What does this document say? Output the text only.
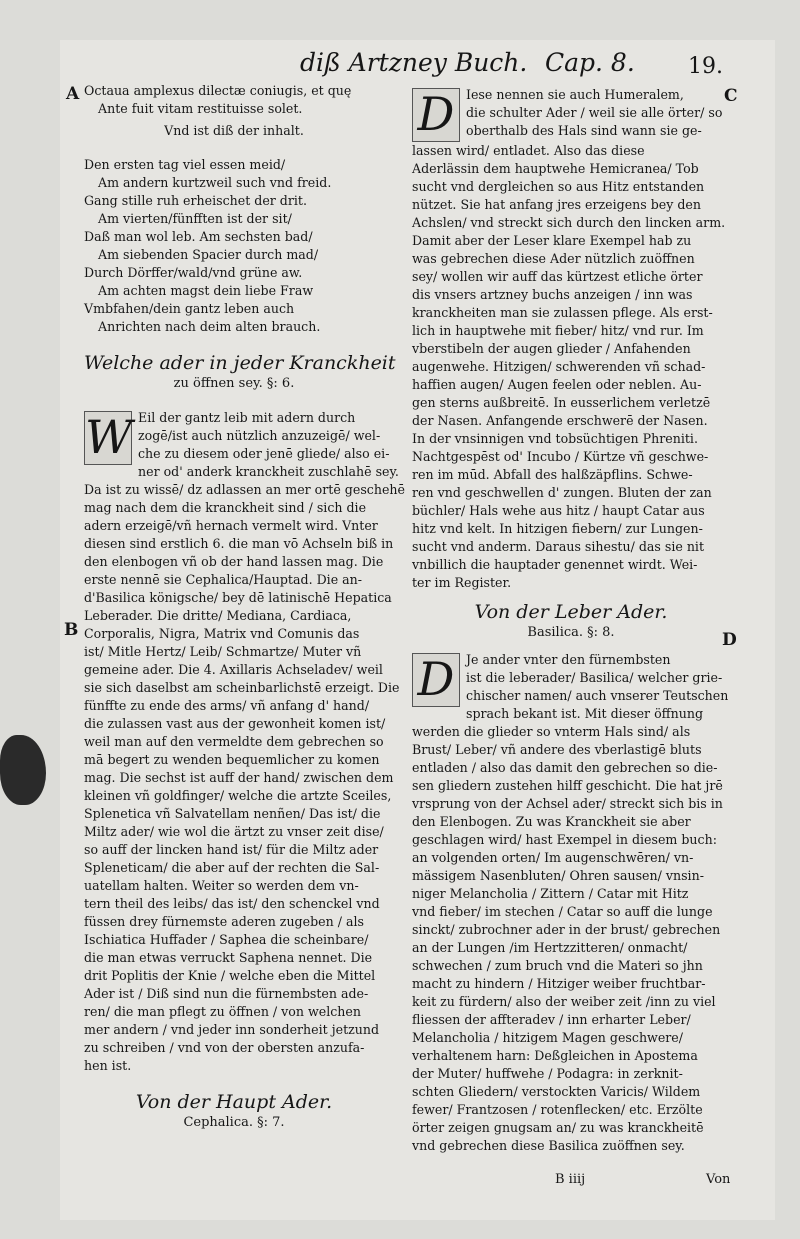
diß Artzney Buch. Cap. 8. 19.
A
B
C
D

Octaua amplexus dilectæ coniugis, et quę

Ante fuit vitam restituisse solet.

Vnd ist diß der inhalt.

Den ersten tag viel essen meid/

Am andern kurtzweil such vnd freid.

Gang stille ruh erheischet der drit.

Am vierten/fünfften ist der sit/

Daß man wol leb. Am sechsten bad/

Am siebenden Spacier durch mad/

Durch Dörffer/wald/vnd grüne aw.

Am achten magst dein liebe Fraw

Vmbfahen/dein gantz leben auch

Anrichten nach deim alten brauch.

Welche ader in jeder Kranckheit

zu öffnen sey. §: 6.

W Eil der gantz leib mit adern durch

zogē/ist auch nützlich anzuzeigē/ wel-

che zu diesem oder jenē gliede/ also ei-

ner od' anderk kranckheit zuschlahē sey.

Da ist zu wissē/ dz adlassen an mer ortē geschehē

mag nach dem die kranckheit sind / sich die

adern erzeigē/vñ hernach vermelt wird. Vnter

diesen sind erstlich 6. die man vō Achseln biß in

den elenbogen vñ ob der hand lassen mag. Die

erste nennē sie Cephalica/Hauptad. Die an-

d'Basilica königsche/ bey dē latinischē Hepatica

Leberader. Die dritte/ Mediana, Cardiaca,

Corporalis, Nigra, Matrix vnd Comunis das

ist/ Mitle Hertz/ Leib/ Schmartze/ Muter vñ

gemeine ader. Die 4. Axillaris Achseladev/ weil

sie sich daselbst am scheinbarlichstē erzeigt. Die

fünffte zu ende des arms/ vñ anfang d' hand/

die zulassen vast aus der gewonheit komen ist/

weil man auf den vermeldte dem gebrechen so

mā begert zu wenden bequemlicher zu komen

mag. Die sechst ist auff der hand/ zwischen dem

kleinen vñ goldfinger/ welche die artzte Sceiles,

Splenetica vñ Salvatellam nenñen/ Das ist/ die

Miltz ader/ wie wol die ärtzt zu vnser zeit dise/

so auff der lincken hand ist/ für die Miltz ader

Spleneticam/ die aber auf der rechten die Sal-

uatellam halten. Weiter so werden dem vn-

tern theil des leibs/ das ist/ den schenckel vnd

füssen drey fürnemste aderen zugeben / als

Ischiatica Huffader / Saphea die scheinbare/

die man etwas verruckt Saphena nennet. Die

drit Poplitis der Knie / welche eben die Mittel

Ader ist / Diß sind nun die fürnembsten ade-

ren/ die man pflegt zu öffnen / von welchen

mer andern / vnd jeder inn sonderheit jetzund

zu schreiben / vnd von der obersten anzufa-

hen ist.

Von der Haupt Ader.

Cephalica. §: 7.

D Iese nennen sie auch Humeralem,

die schulter Ader / weil sie alle örter/ so

oberthalb des Hals sind wann sie ge-

lassen wird/ entladet. Also das diese

Aderlässin dem hauptwehe Hemicranea/ Tob

sucht vnd dergleichen so aus Hitz entstanden

nützet. Sie hat anfang jres erzeigens bey den

Achslen/ vnd streckt sich durch den lincken arm.

Damit aber der Leser klare Exempel hab zu

was gebrechen diese Ader nützlich zuöffnen

sey/ wollen wir auff das kürtzest etliche örter

dis vnsers artzney buchs anzeigen / inn was

kranckheiten man sie zulassen pflege. Als erst-

lich in hauptwehe mit fieber/ hitz/ vnd rur. Im

vberstibeln der augen glieder / Anfahenden

augenwehe. Hitzigen/ schwerenden vñ schad-

haffien augen/ Augen feelen oder neblen. Au-

gen sterns außbreitē. In eusserlichem verletzē

der Nasen. Anfangende erschwerē der Nasen.

In der vnsinnigen vnd tobsüchtigen Phreniti.

Nachtgespēst od' Incubo / Kürtze vñ geschwe-

ren im mūd. Abfall des halßzäpflins. Schwe-

ren vnd geschwellen d' zungen. Bluten der zan

büchler/ Hals wehe aus hitz / haupt Catar aus

hitz vnd kelt. In hitzigen fiebern/ zur Lungen-

sucht vnd anderm. Daraus sihestu/ das sie nit

vnbillich die hauptader genennet wirdt. Wei-

ter im Register.

Von der Leber Ader.

Basilica. §: 8.

D Je ander vnter den fürnembsten

ist die leberader/ Basilica/ welcher grie-

chischer namen/ auch vnserer Teutschen

sprach bekant ist. Mit dieser öffnung

werden die glieder so vnterm Hals sind/ als

Brust/ Leber/ vñ andere des vberlastigē bluts

entladen / also das damit den gebrechen so die-

sen gliedern zustehen hilff geschicht. Die hat jrē

vrsprung von der Achsel ader/ streckt sich bis in

den Elenbogen. Zu was Kranckheit sie aber

geschlagen wird/ hast Exempel in diesem buch:

an volgenden orten/ Im augenschwēren/ vn-

mässigem Nasenbluten/ Ohren sausen/ vnsin-

niger Melancholia / Zittern / Catar mit Hitz

vnd fieber/ im stechen / Catar so auff die lunge

sinckt/ zubrochner ader in der brust/ gebrechen

an der Lungen /im Hertzzitteren/ onmacht/

schwechen / zum bruch vnd die Materi so jhn

macht zu hindern / Hitziger weiber fruchtbar-

keit zu fürdern/ also der weiber zeit /inn zu viel

fliessen der affteradev / inn erharter Leber/

Melancholia / hitzigem Magen geschwere/

verhaltenem harn: Deßgleichen in Apostema

der Muter/ huffwehe / Podagra: in zerknit-

schten Gliedern/ verstockten Varicis/ Wildem

fewer/ Frantzosen / rotenflecken/ etc. Erzölte

örter zeigen gnugsam an/ zu was kranckheitē

vnd gebrechen diese Basilica zuöffnen sey.

B iiij	Von
